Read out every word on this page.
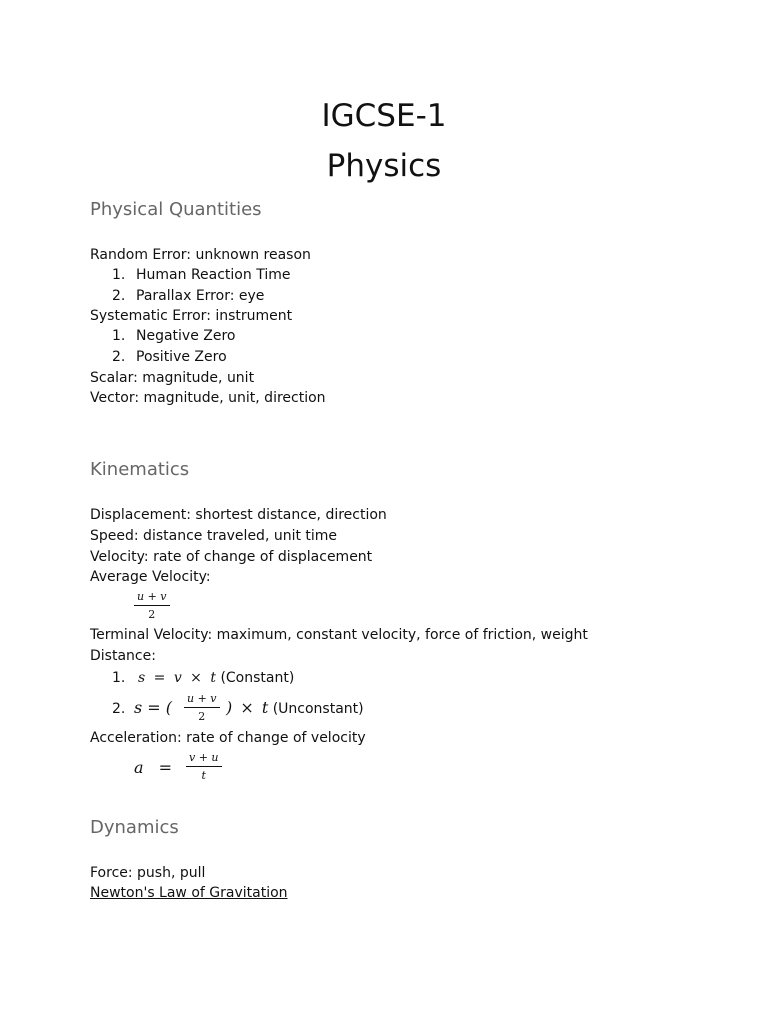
IGCSE-1
Physics
Physical Quantities
Random Error: unknown reason
1. Human Reaction Time
2. Parallax Error: eye
Systematic Error: instrument
1. Negative Zero
2. Positive Zero
Scalar: magnitude, unit
Vector: magnitude, unit, direction
Kinematics
Displacement: shortest distance, direction
Speed: distance traveled, unit time
Velocity: rate of change of displacement
Average Velocity:
u + v
2
Terminal Velocity: maximum, constant velocity, force of friction, weight
Distance:
1. s = v × t (Constant)
2. s = ( u + v
2 ) × t (Unconstant)
Acceleration: rate of change of velocity
a =
v + u
t
Dynamics
Force: push, pull
Newton's Law of Gravitation
